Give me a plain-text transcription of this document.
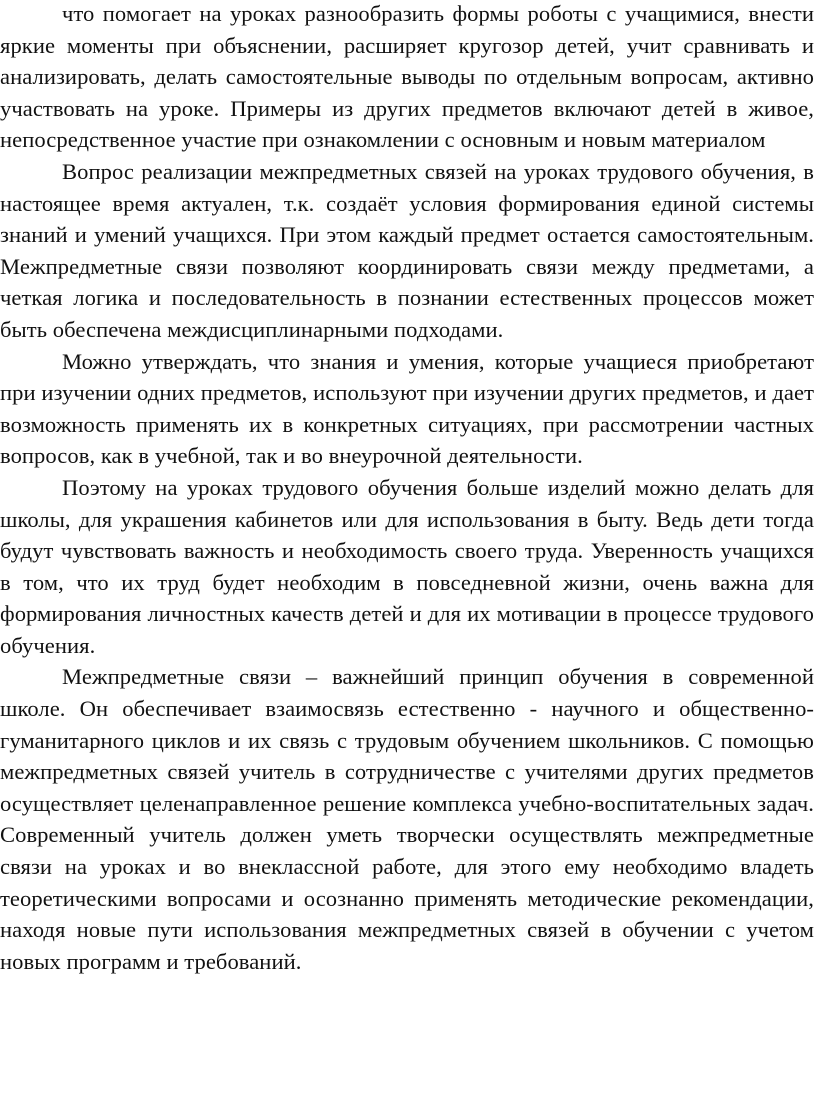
что помогает на уроках разнообразить формы роботы с учащимися, внести яркие моменты при объяснении, расширяет кругозор детей, учит сравнивать и анализировать, делать самостоятельные выводы по отдельным вопросам, активно участвовать на уроке. Примеры из других предметов включают детей в живое, непосредственное участие при ознакомлении с основным и новым материалом

Вопрос реализации межпредметных связей на уроках трудового обучения, в настоящее время актуален, т.к. создаёт условия формирования единой системы знаний и умений учащихся. При этом каждый предмет остается самостоятельным. Межпредметные связи позволяют координировать связи между предметами, а четкая логика и последовательность в познании естественных процессов может быть обеспечена междисциплинарными подходами.

Можно утверждать, что знания и умения, которые учащиеся приобретают при изучении одних предметов, используют при изучении других предметов, и дает возможность применять их в конкретных ситуациях, при рассмотрении частных вопросов, как в учебной, так и во внеурочной деятельности.

Поэтому на уроках трудового обучения больше изделий можно делать для школы, для украшения кабинетов или для использования в быту. Ведь дети тогда будут чувствовать важность и необходимость своего труда. Уверенность учащихся в том, что их труд будет необходим в повседневной жизни, очень важна для формирования личностных качеств детей и для их мотивации в процессе трудового обучения.

Межпредметные связи – важнейший принцип обучения в современной школе. Он обеспечивает взаимосвязь естественно - научного и общественно-гуманитарного циклов и их связь с трудовым обучением школьников. С помощью межпредметных связей учитель в сотрудничестве с учителями других предметов осуществляет целенаправленное решение комплекса учебно-воспитательных задач. Современный учитель должен уметь творчески осуществлять межпредметные связи на уроках и во внеклассной работе, для этого ему необходимо владеть теоретическими вопросами и осознанно применять методические рекомендации, находя новые пути использования межпредметных связей в обучении с учетом новых программ и требований.
